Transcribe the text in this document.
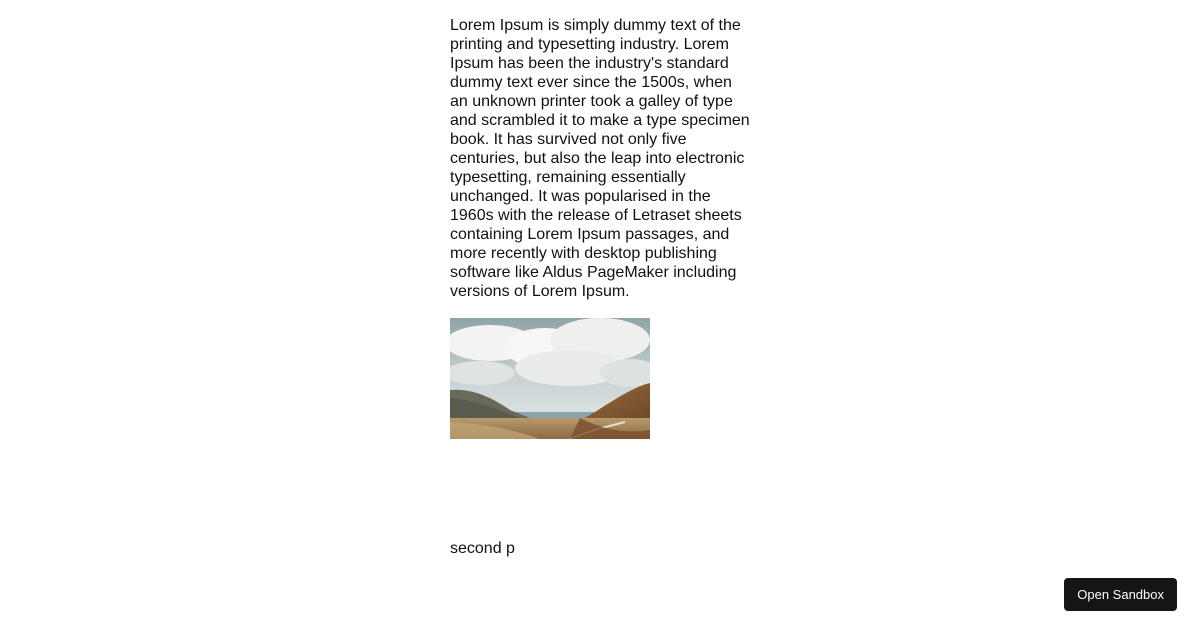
Lorem Ipsum is simply dummy text of the printing and typesetting industry. Lorem Ipsum has been the industry's standard dummy text ever since the 1500s, when an unknown printer took a galley of type and scrambled it to make a type specimen book. It has survived not only five centuries, but also the leap into electronic typesetting, remaining essentially unchanged. It was popularised in the 1960s with the release of Letraset sheets containing Lorem Ipsum passages, and more recently with desktop publishing software like Aldus PageMaker including versions of Lorem Ipsum.

second p

Open Sandbox
